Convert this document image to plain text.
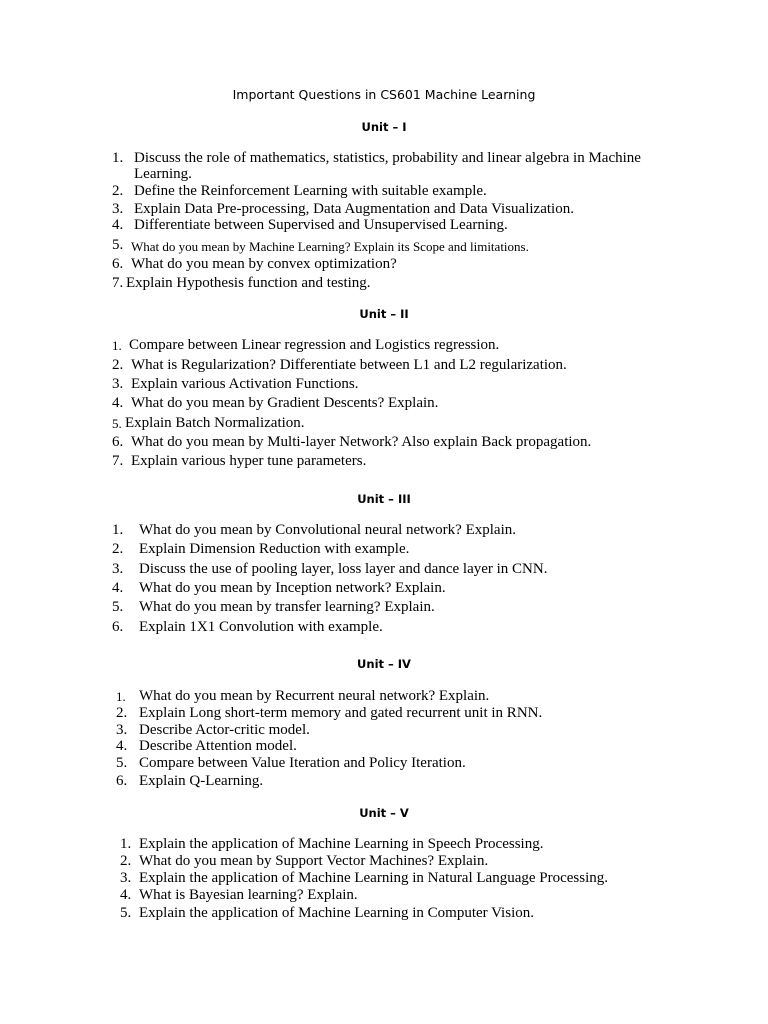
Important Questions in CS601 Machine Learning
Unit – I
1. Discuss the role of mathematics, statistics, probability and linear algebra in Machine
Learning.
2. Define the Reinforcement Learning with suitable example.
3. Explain Data Pre-processing, Data Augmentation and Data Visualization.
4. Differentiate between Supervised and Unsupervised Learning.
5. What do you mean by Machine Learning? Explain its Scope and limitations.
6. What do you mean by convex optimization?
7. Explain Hypothesis function and testing.
Unit – II
1. Compare between Linear regression and Logistics regression.
2. What is Regularization? Differentiate between L1 and L2 regularization.
3. Explain various Activation Functions.
4. What do you mean by Gradient Descents? Explain.
5. Explain Batch Normalization.
6. What do you mean by Multi-layer Network? Also explain Back propagation.
7. Explain various hyper tune parameters.
Unit – III
1. What do you mean by Convolutional neural network? Explain.
2. Explain Dimension Reduction with example.
3. Discuss the use of pooling layer, loss layer and dance layer in CNN.
4. What do you mean by Inception network? Explain.
5. What do you mean by transfer learning? Explain.
6. Explain 1X1 Convolution with example.
Unit – IV
1. What do you mean by Recurrent neural network? Explain.
2. Explain Long short-term memory and gated recurrent unit in RNN.
3. Describe Actor-critic model.
4. Describe Attention model.
5. Compare between Value Iteration and Policy Iteration.
6. Explain Q-Learning.
Unit – V
1. Explain the application of Machine Learning in Speech Processing.
2. What do you mean by Support Vector Machines? Explain.
3. Explain the application of Machine Learning in Natural Language Processing.
4. What is Bayesian learning? Explain.
5. Explain the application of Machine Learning in Computer Vision.
